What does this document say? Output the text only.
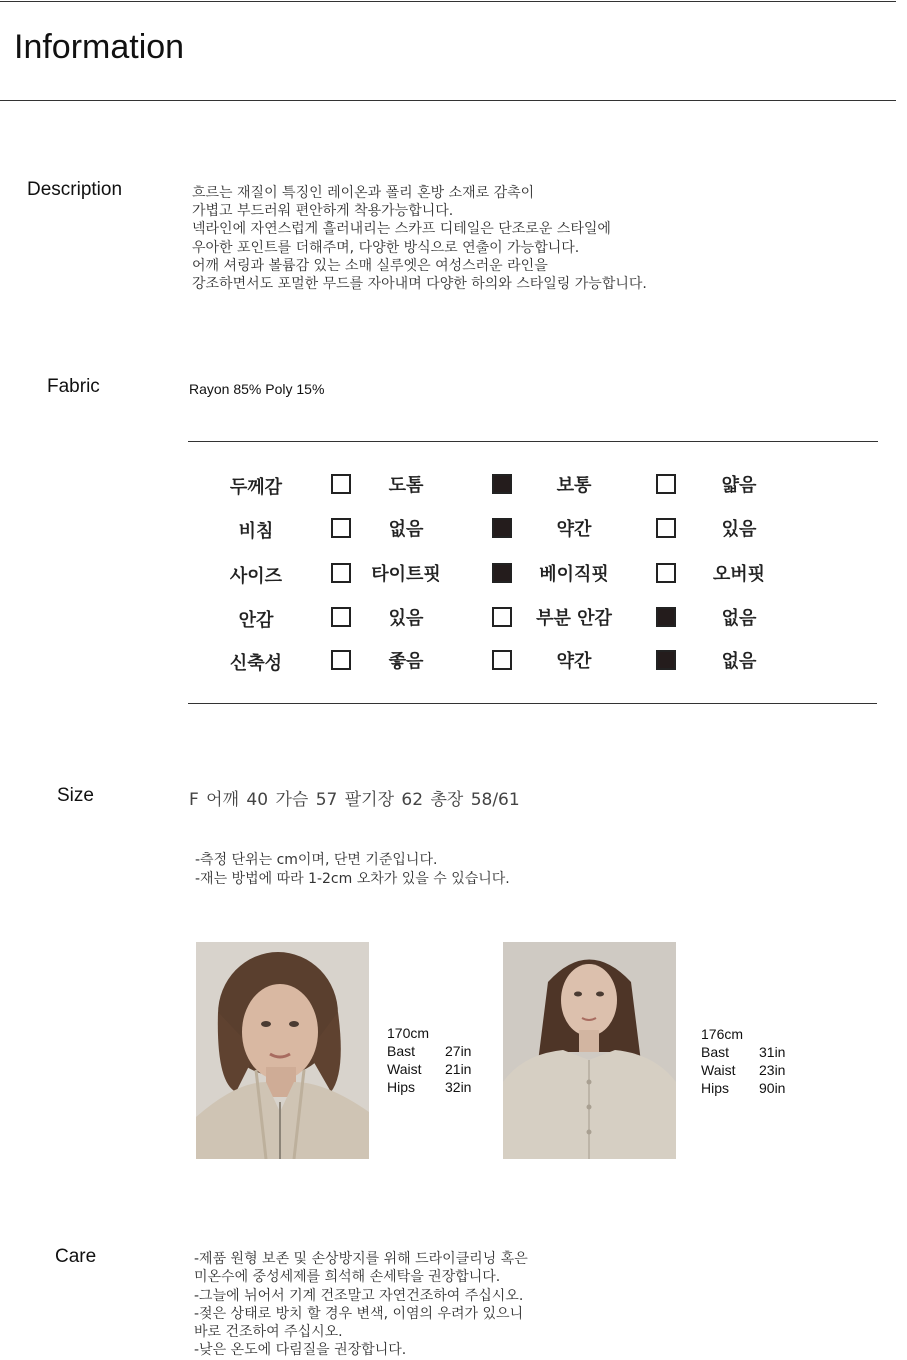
Information
Description	흐르는 재질이 특징인 레이온과 폴리 혼방 소재로 감촉이
가볍고 부드러워 편안하게 착용가능합니다.
넥라인에 자연스럽게 흘러내리는 스카프 디테일은 단조로운 스타일에
우아한 포인트를 더해주며, 다양한 방식으로 연출이 가능합니다.
어깨 셔링과 볼륨감 있는 소매 실루엣은 여성스러운 라인을
강조하면서도 포멀한 무드를 자아내며 다양한 하의와 스타일링 가능합니다.
Fabric	Rayon 85% Poly 15%
두께감	도톰	보통	얇음
비침	없음	약간	있음
사이즈	타이트핏	베이직핏	오버핏
안감	있음	부분 안감	없음
신축성	좋음	약간	없음
Size	F 어깨 40 가슴 57 팔기장 62 총장 58/61
-측정 단위는 cm이며, 단면 기준입니다.
-재는 방법에 따라 1-2cm 오차가 있을 수 있습니다.
170cm
Bast	27in
Waist	21in
Hips	32in
176cm
Bast	31in
Waist	23in
Hips	90in
Care	-제품 원형 보존 및 손상방지를 위해 드라이클리닝 혹은
미온수에 중성세제를 희석해 손세탁을 권장합니다.
-그늘에 뉘어서 기계 건조말고 자연건조하여 주십시오.
-젖은 상태로 방치 할 경우 변색, 이염의 우려가 있으니
바로 건조하여 주십시오.
-낮은 온도에 다림질을 권장합니다.
